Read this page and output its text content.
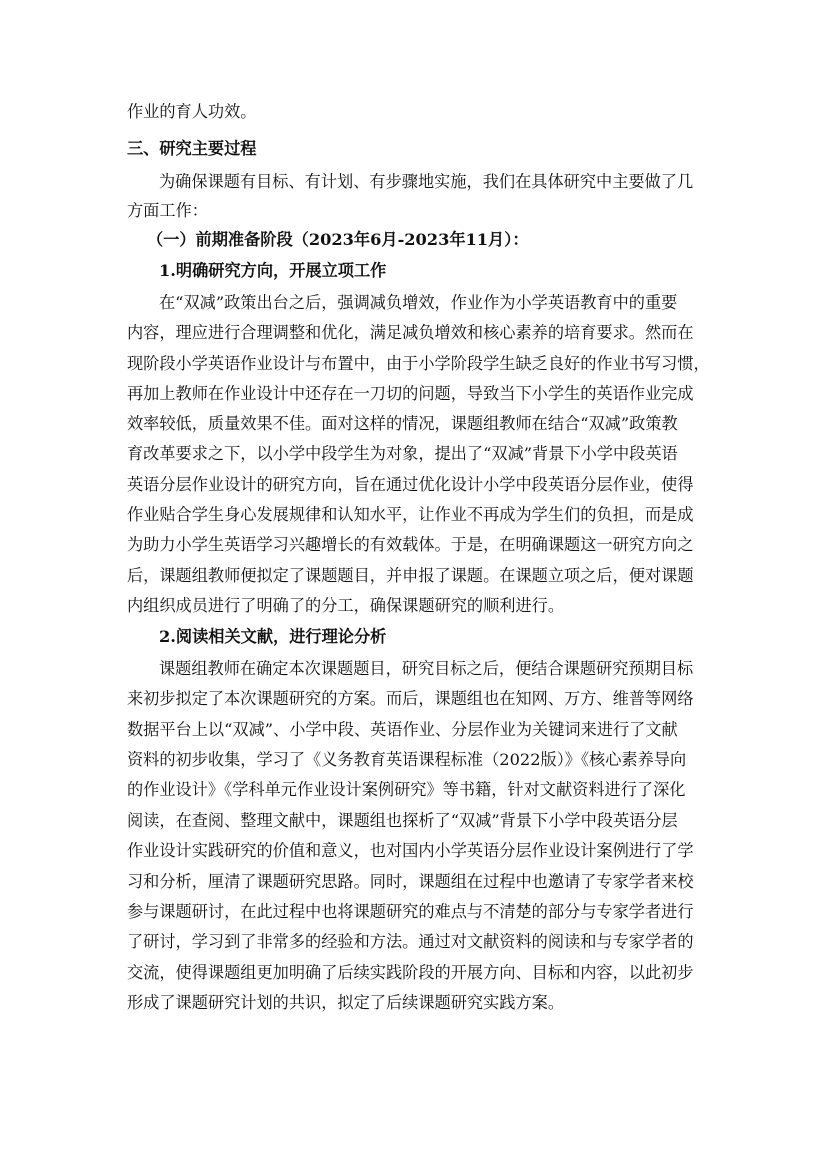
作业的育人功效。
三、研究主要过程
为确保课题有目标、有计划、有步骤地实施，我们在具体研究中主要做了几
方面工作：
（一）前期准备阶段（2023年6月-2023年11月）：
1.明确研究方向，开展立项工作
在“双减”政策出台之后，强调减负增效，作业作为小学英语教育中的重要
内容，理应进行合理调整和优化，满足减负增效和核心素养的培育要求。然而在
现阶段小学英语作业设计与布置中，由于小学阶段学生缺乏良好的作业书写习惯，
再加上教师在作业设计中还存在一刀切的问题，导致当下小学生的英语作业完成
效率较低，质量效果不佳。面对这样的情况，课题组教师在结合“双减”政策教
育改革要求之下，以小学中段学生为对象，提出了“双减”背景下小学中段英语
英语分层作业设计的研究方向，旨在通过优化设计小学中段英语分层作业，使得
作业贴合学生身心发展规律和认知水平，让作业不再成为学生们的负担，而是成
为助力小学生英语学习兴趣增长的有效载体。于是，在明确课题这一研究方向之
后，课题组教师便拟定了课题题目，并申报了课题。在课题立项之后，便对课题
内组织成员进行了明确了的分工，确保课题研究的顺利进行。
2.阅读相关文献，进行理论分析
课题组教师在确定本次课题题目，研究目标之后，便结合课题研究预期目标
来初步拟定了本次课题研究的方案。而后，课题组也在知网、万方、维普等网络
数据平台上以“双减”、小学中段、英语作业、分层作业为关键词来进行了文献
资料的初步收集，学习了《义务教育英语课程标准（2022版）》《核心素养导向
的作业设计》《学科单元作业设计案例研究》等书籍，针对文献资料进行了深化
阅读，在查阅、整理文献中，课题组也探析了“双减”背景下小学中段英语分层
作业设计实践研究的价值和意义，也对国内小学英语分层作业设计案例进行了学
习和分析，厘清了课题研究思路。同时，课题组在过程中也邀请了专家学者来校
参与课题研讨，在此过程中也将课题研究的难点与不清楚的部分与专家学者进行
了研讨，学习到了非常多的经验和方法。通过对文献资料的阅读和与专家学者的
交流，使得课题组更加明确了后续实践阶段的开展方向、目标和内容，以此初步
形成了课题研究计划的共识，拟定了后续课题研究实践方案。
